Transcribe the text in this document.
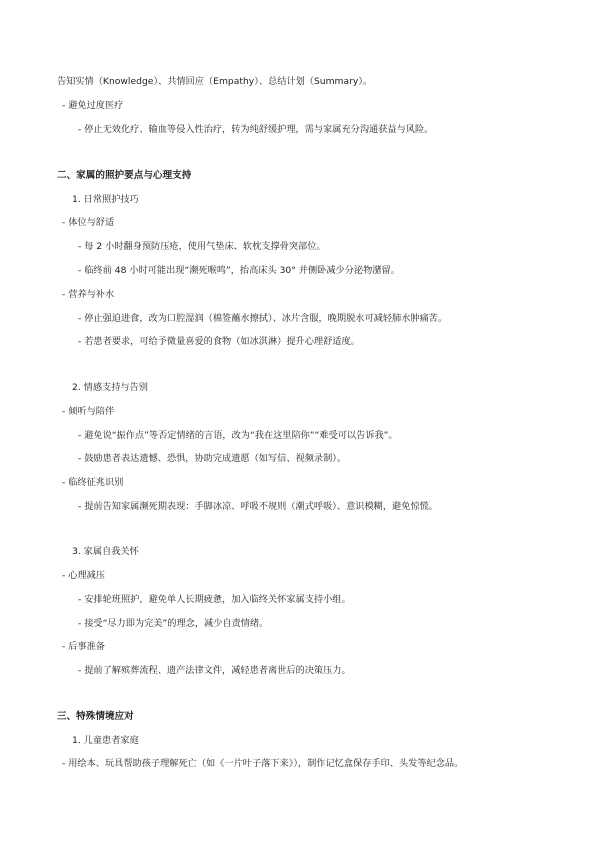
告知实情（Knowledge）、共情回应（Empathy）、总结计划（Summary）。
- 避免过度医疗
- 停止无效化疗、输血等侵入性治疗，转为纯舒缓护理，需与家属充分沟通获益与风险。
二、家属的照护要点与心理支持
1. 日常照护技巧
- 体位与舒适
- 每 2 小时翻身预防压疮，使用气垫床、软枕支撑骨突部位。
- 临终前 48 小时可能出现“濒死喉鸣”，抬高床头 30° 并侧卧减少分泌物潴留。
- 营养与补水
- 停止强迫进食，改为口腔湿润（棉签蘸水擦拭）、冰片含服，晚期脱水可减轻肺水肿痛苦。
- 若患者要求，可给予微量喜爱的食物（如冰淇淋）提升心理舒适度。
2. 情感支持与告别
- 倾听与陪伴
- 避免说“振作点”等否定情绪的言语，改为“我在这里陪你”“难受可以告诉我”。
- 鼓励患者表达遗憾、恐惧，协助完成遗愿（如写信、视频录制）。
- 临终征兆识别
- 提前告知家属濒死期表现：手脚冰凉、呼吸不规则（潮式呼吸）、意识模糊，避免惊慌。
3. 家属自我关怀
- 心理减压
- 安排轮班照护，避免单人长期疲惫，加入临终关怀家属支持小组。
- 接受“尽力即为完美”的理念，减少自责情绪。
- 后事准备
- 提前了解殡葬流程、遗产法律文件，减轻患者离世后的决策压力。
三、特殊情境应对
1. 儿童患者家庭
- 用绘本、玩具帮助孩子理解死亡（如《一片叶子落下来》），制作记忆盒保存手印、头发等纪念品。
